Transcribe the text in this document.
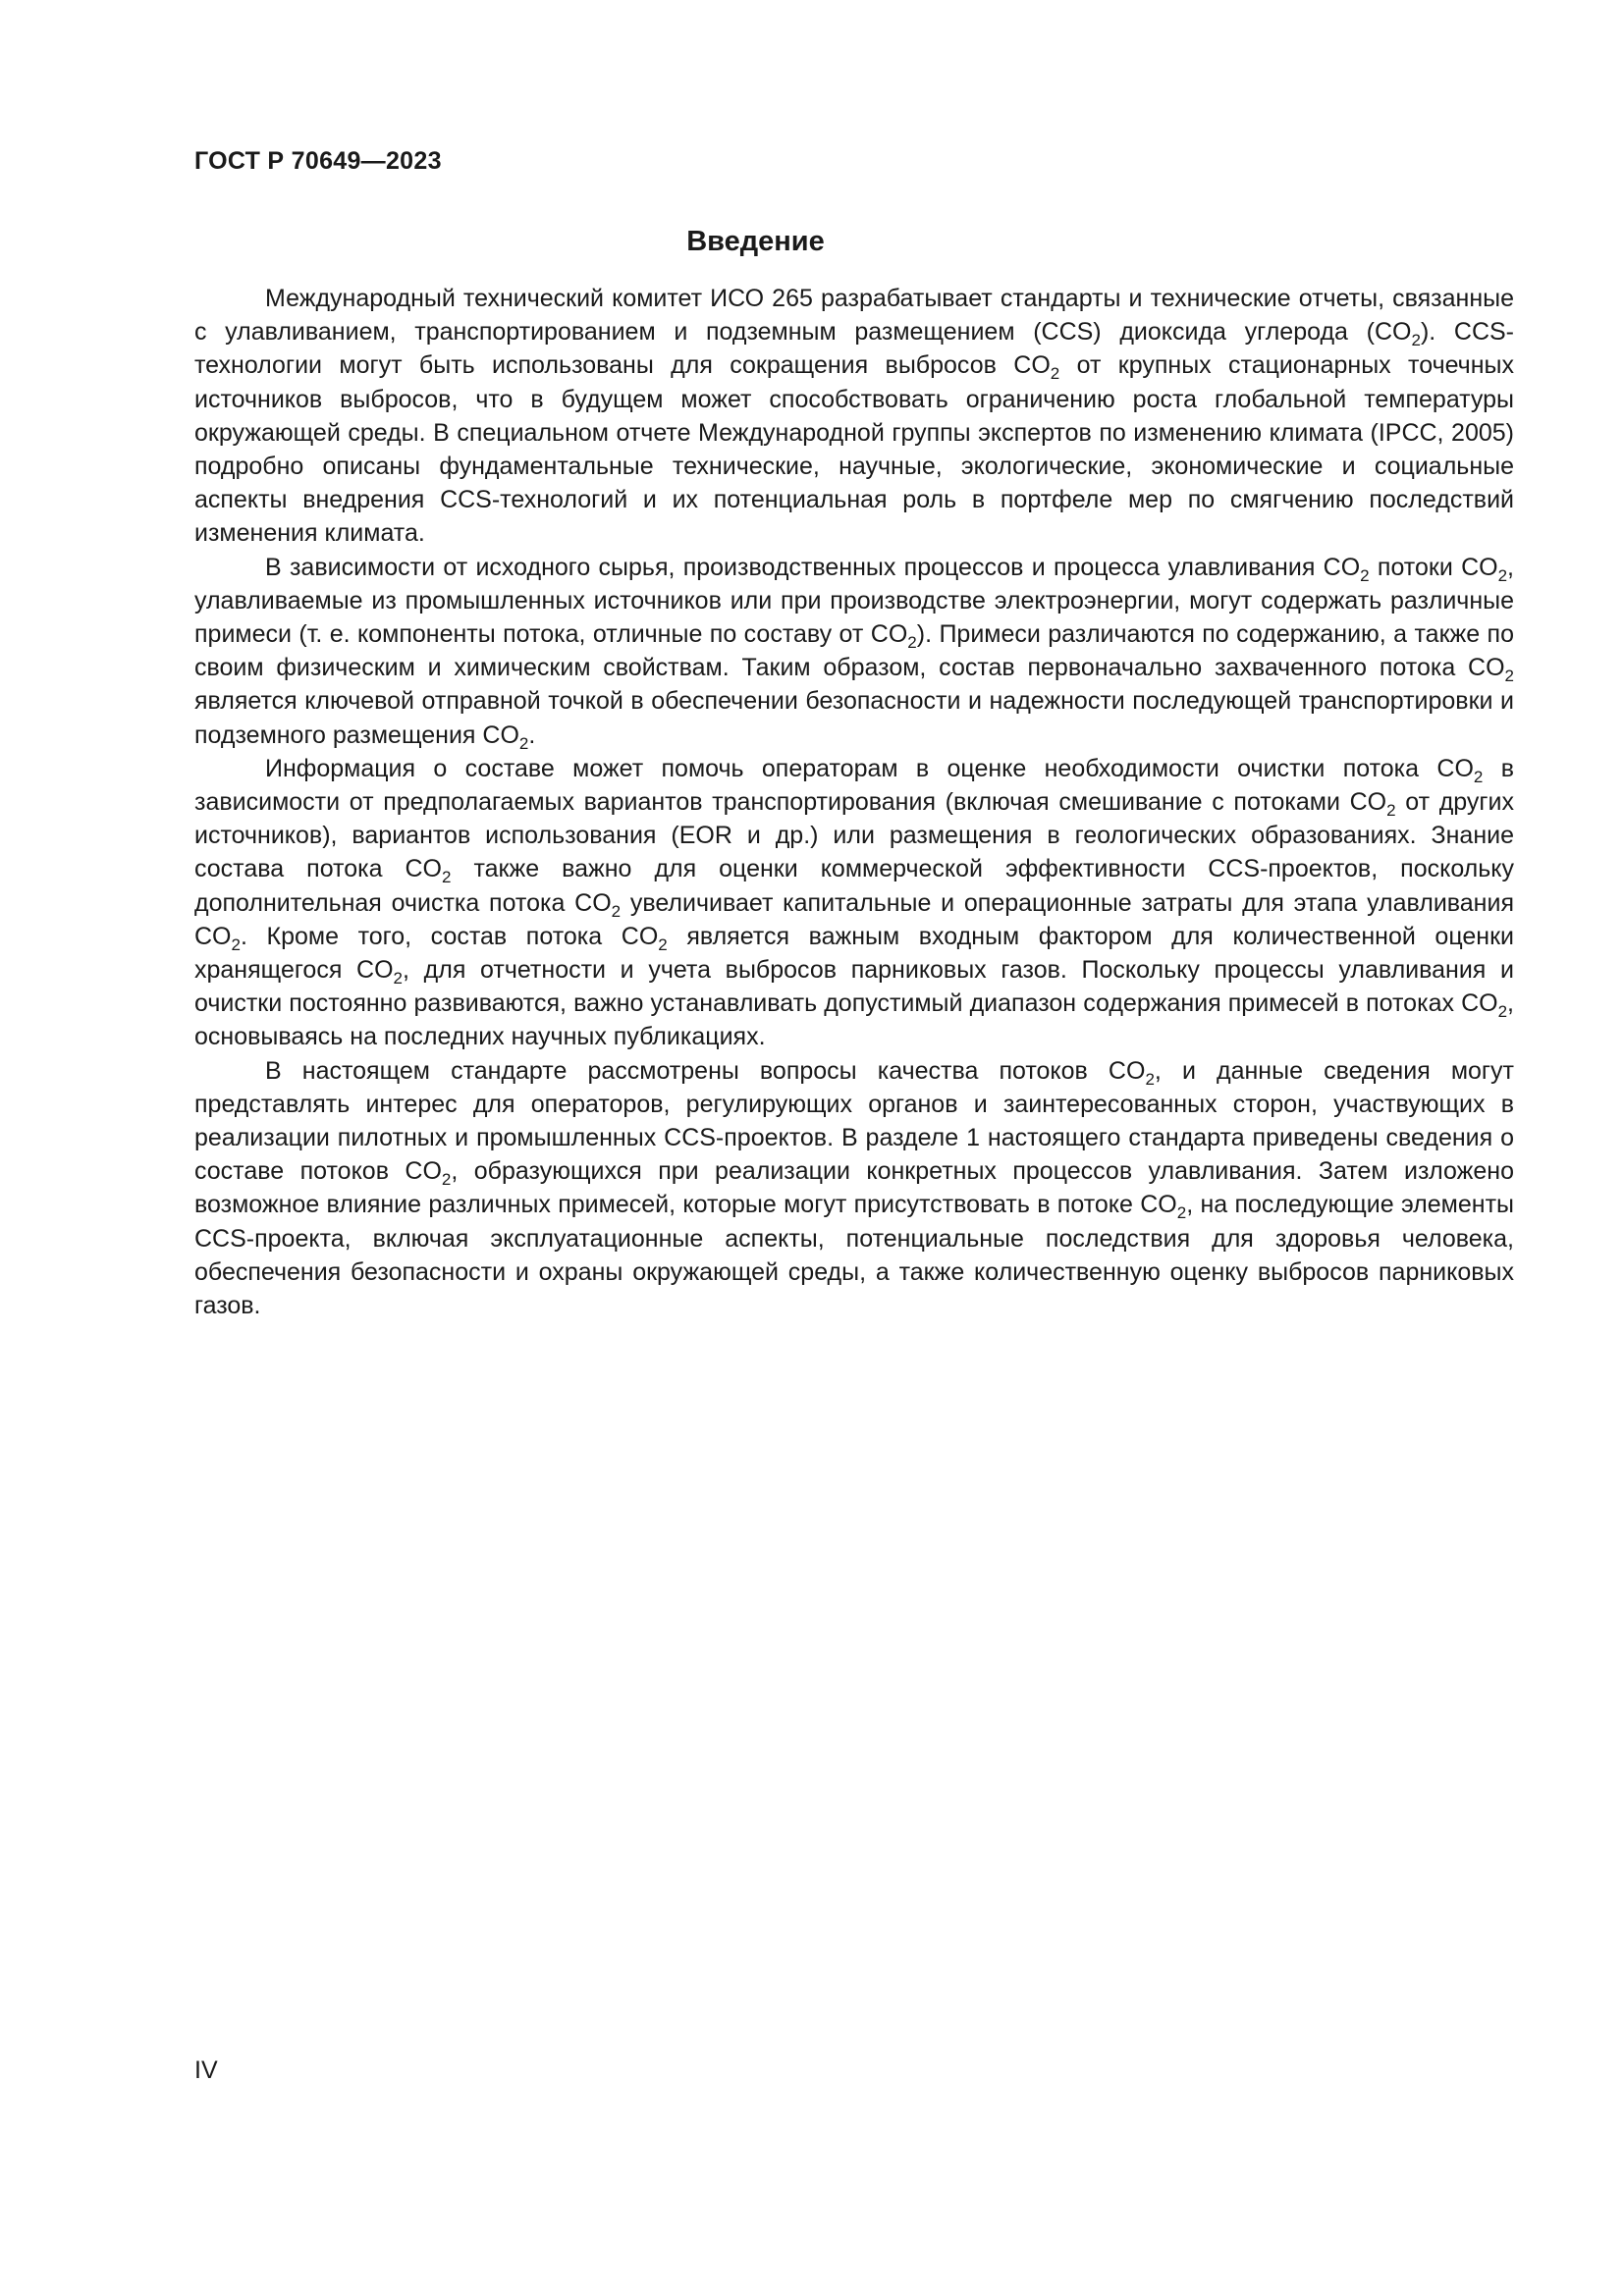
ГОСТ Р 70649—2023
Введение

Международный технический комитет ИСО 265 разрабатывает стандарты и технические отчеты, связанные с улавливанием, транспортированием и подземным размещением (CCS) диоксида углерода $(CO_2)$. CCS-технологии могут быть использованы для сокращения выбросов $CO_2$ от крупных стационарных точечных источников выбросов, что в будущем может способствовать ограничению роста глобальной температуры окружающей среды. В специальном отчете Международной группы экспертов по изменению климата (IPCC, 2005) подробно описаны фундаментальные технические, научные, экологические, экономические и социальные аспекты внедрения CCS-технологий и их потенциальная роль в портфеле мер по смягчению последствий изменения климата.

В зависимости от исходного сырья, производственных процессов и процесса улавливания $CO_2$ потоки $CO_2$, улавливаемые из промышленных источников или при производстве электроэнергии, могут содержать различные примеси (т. е. компоненты потока, отличные по составу от $CO_2$). Примеси различаются по содержанию, а также по своим физическим и химическим свойствам. Таким образом, состав первоначально захваченного потока $CO_2$ является ключевой отправной точкой в обеспечении безопасности и надежности последующей транспортировки и подземного размещения $CO_2$.

Информация о составе может помочь операторам в оценке необходимости очистки потока $CO_2$ в зависимости от предполагаемых вариантов транспортирования (включая смешивание с потоками $CO_2$ от других источников), вариантов использования (EOR и др.) или размещения в геологических образованиях. Знание состава потока $CO_2$ также важно для оценки коммерческой эффективности CCS-проектов, поскольку дополнительная очистка потока $CO_2$ увеличивает капитальные и операционные затраты для этапа улавливания $CO_2$. Кроме того, состав потока $CO_2$ является важным входным фактором для количественной оценки хранящегося $CO_2$, для отчетности и учета выбросов парниковых газов. Поскольку процессы улавливания и очистки постоянно развиваются, важно устанавливать допустимый диапазон содержания примесей в потоках $CO_2$, основываясь на последних научных публикациях.

В настоящем стандарте рассмотрены вопросы качества потоков $CO_2$, и данные сведения могут представлять интерес для операторов, регулирующих органов и заинтересованных сторон, участвующих в реализации пилотных и промышленных CCS-проектов. В разделе 1 настоящего стандарта приведены сведения о составе потоков $CO_2$, образующихся при реализации конкретных процессов улавливания. Затем изложено возможное влияние различных примесей, которые могут присутствовать в потоке $CO_2$, на последующие элементы CCS-проекта, включая эксплуатационные аспекты, потенциальные последствия для здоровья человека, обеспечения безопасности и охраны окружающей среды, а также количественную оценку выбросов парниковых газов.

IV
